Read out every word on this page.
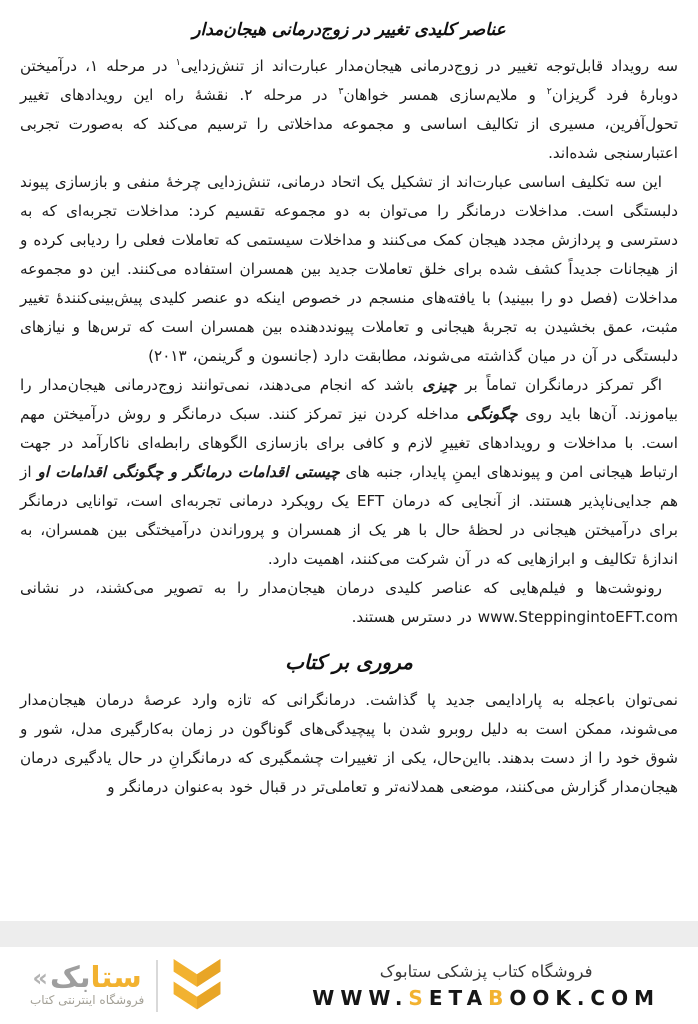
عناصر کلیدی تغییر در زوج‌درمانی هیجان‌مدار

سه رویداد قابل‌توجه تغییر در زوج‌درمانی هیجان‌مدار عبارت‌اند از تنش‌زدایی$^۱$ در مرحله ۱، درآمیختن دوبارهٔ فرد گریزان$^۲$ و ملایم‌سازی همسر خواهان$^۳$ در مرحله ۲. نقشهٔ راه این رویدادهای تغییر تحول‌آفرین، مسیری از تکالیف اساسی و مجموعه مداخلاتی را ترسیم می‌کند که به‌صورت تجربی اعتبارسنجی شده‌اند.

این سه تکلیف اساسی عبارت‌اند از تشکیل یک اتحاد درمانی، تنش‌زدایی چرخهٔ منفی و بازسازی پیوند دلبستگی است. مداخلات درمانگر را می‌توان به دو مجموعه تقسیم کرد: مداخلات تجربه‌ای که به دسترسی و پردازش مجدد هیجان کمک می‌کنند و مداخلات سیستمی که تعاملات فعلی را ردیابی کرده و از هیجانات جدیداً کشف شده برای خلق تعاملات جدید بین همسران استفاده می‌کنند. این دو مجموعه مداخلات (فصل دو را ببینید) با یافته‌های منسجم در خصوص اینکه دو عنصر کلیدی پیش‌بینی‌کنندهٔ تغییر مثبت، عمق بخشیدن به تجربهٔ هیجانی و تعاملات پیونددهنده بین همسران است که ترس‌ها و نیازهای دلبستگی در آن در میان گذاشته می‌شوند، مطابقت دارد (جانسون و گرینمن، ۲۰۱۳)

اگر تمرکز درمانگران تماماً بر چیزی باشد که انجام می‌دهند، نمی‌توانند زوج‌درمانی هیجان‌مدار را بیاموزند. آن‌ها باید روی چگونگی مداخله کردن نیز تمرکز کنند. سبک درمانگر و روش درآمیختن مهم است. با مداخلات و رویدادهای تغییرِ لازم و کافی برای بازسازی الگوهای رابطه‌ای ناکارآمد در جهت ارتباط هیجانی امن و پیوندهای ایمنِ پایدار، جنبه های چیستی اقدامات درمانگر و چگونگی اقدامات او از هم جدایی‌ناپذیر هستند. از آنجایی که درمان EFT یک رویکرد درمانی تجربه‌ای است، توانایی درمانگر برای درآمیختن هیجانی در لحظهٔ حال با هر یک از همسران و پروراندن درآمیختگی بین همسران، به اندازهٔ تکالیف و ابرازهایی که در آن شرکت می‌کنند، اهمیت دارد.

رونوشت‌ها و فیلم‌هایی که عناصر کلیدی درمان هیجان‌مدار را به تصویر می‌کشند، در نشانی www.SteppingintoEFT.com در دسترس هستند.

مروری بر کتاب

نمی‌توان باعجله به پارادایمی جدید پا گذاشت. درمانگرانی که تازه وارد عرصهٔ درمان هیجان‌مدار می‌شوند، ممکن است به دلیل روبرو شدن با پیچیدگی‌های گوناگون در زمان به‌کارگیری مدل، شور و شوق خود را از دست بدهند. بااین‌حال، یکی از تغییرات چشمگیری که درمانگرانِ در حال یادگیری درمان هیجان‌مدار گزارش می‌کنند، موضعی همدلانه‌تر و تعاملی‌تر در قبال خود به‌عنوان درمانگر و

«	ستابک
فروشگاه اینترنتی کتاب
فروشگاه کتاب پزشکی ستابوک
WWW.SETABOOK.COM
